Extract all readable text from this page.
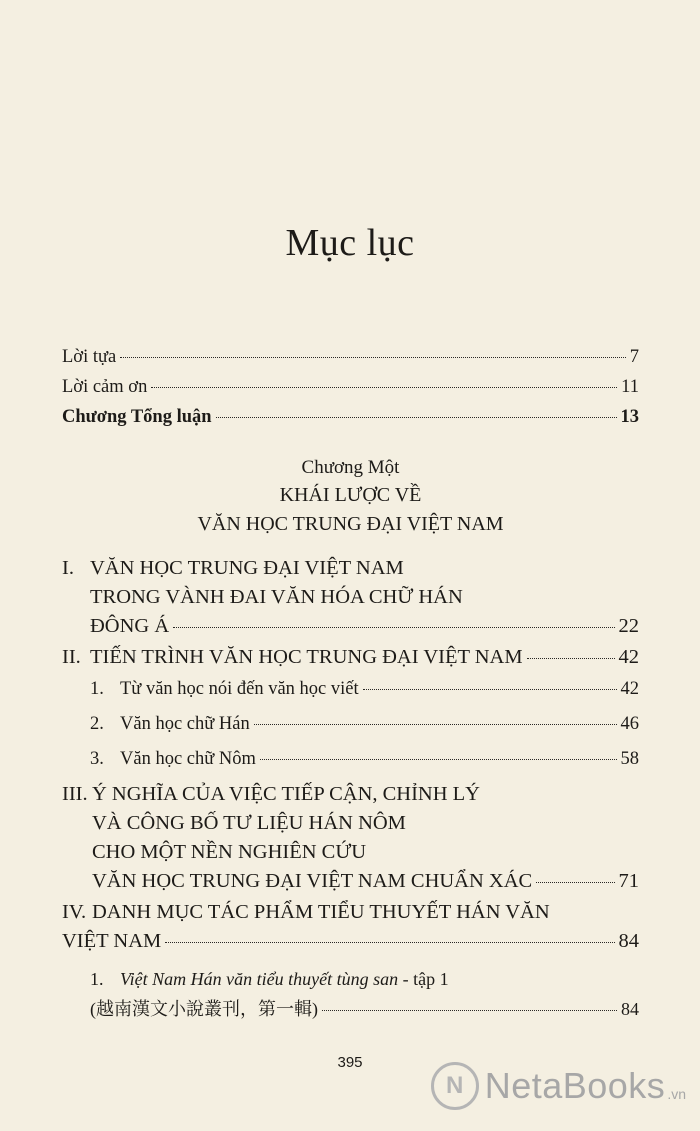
Mục lục
Lời tựa	7
Lời cảm ơn	11
Chương Tổng luận	13
Chương Một
KHÁI LƯỢC VỀ
VĂN HỌC TRUNG ĐẠI VIỆT NAM
I. VĂN HỌC TRUNG ĐẠI VIỆT NAM
TRONG VÀNH ĐAI VĂN HÓA CHỮ HÁN
ĐÔNG Á	22
II. TIẾN TRÌNH VĂN HỌC TRUNG ĐẠI VIỆT NAM	42
1. Từ văn học nói đến văn học viết	42
2. Văn học chữ Hán	46
3. Văn học chữ Nôm	58
III. Ý NGHĨA CỦA VIỆC TIẾP CẬN, CHỈNH LÝ
VÀ CÔNG BỐ TƯ LIỆU HÁN NÔM
CHO MỘT NỀN NGHIÊN CỨU
VĂN HỌC TRUNG ĐẠI VIỆT NAM CHUẨN XÁC	71
IV. DANH MỤC TÁC PHẨM TIỂU THUYẾT HÁN VĂN
VIỆT NAM	84
1. Việt Nam Hán văn tiểu thuyết tùng san - tập 1
(越南漢文小說叢刊，第一輯)	84
395
N NetaBooks .vn
